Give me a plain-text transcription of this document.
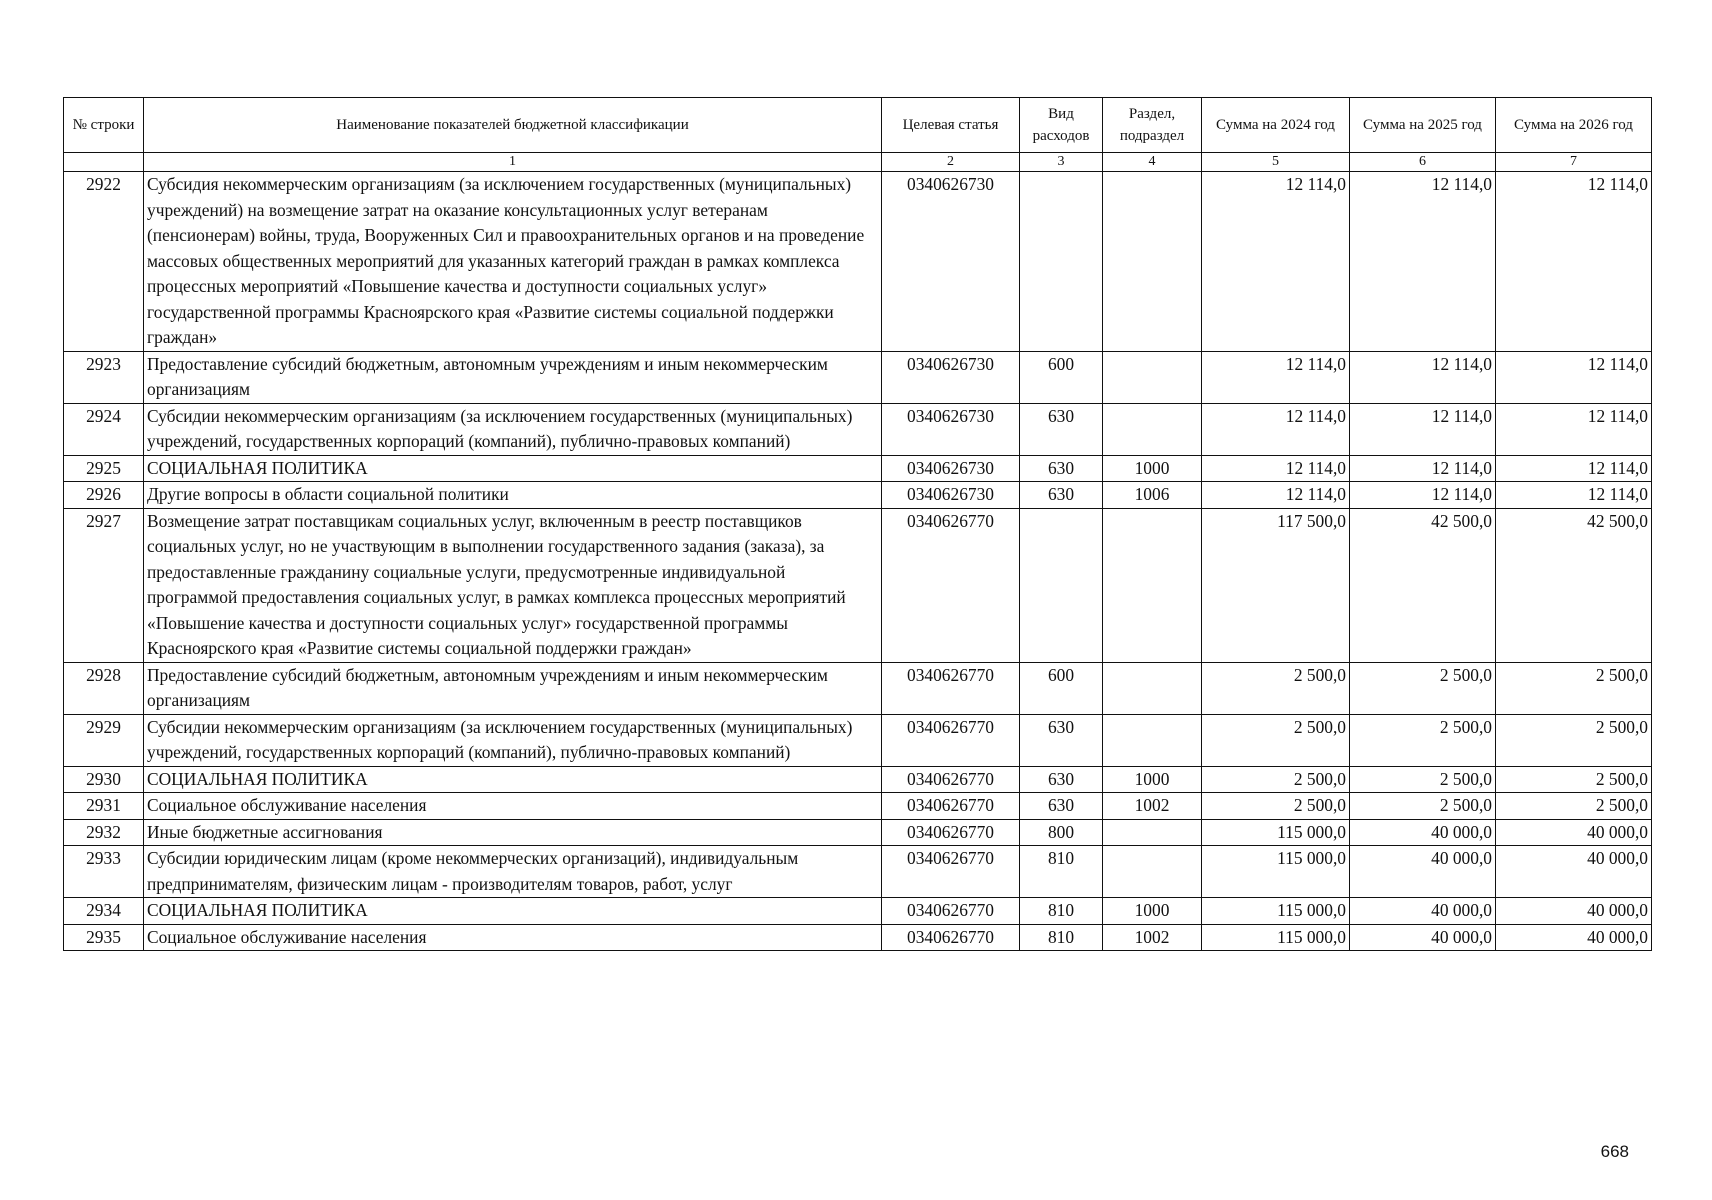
№ строки	Наименование показателей бюджетной классификации	Целевая статья	Вид расходов	Раздел, подраздел	Сумма на 2024 год	Сумма на 2025 год	Сумма на 2026 год
	1	2	3	4	5	6	7
2922	Субсидия некоммерческим организациям (за исключением государственных (муниципальных) учреждений) на возмещение затрат на оказание консультационных услуг ветеранам (пенсионерам) войны, труда, Вооруженных Сил и правоохранительных органов и на проведение массовых общественных мероприятий для указанных категорий граждан в рамках комплекса процессных мероприятий «Повышение качества и доступности социальных услуг» государственной программы Красноярского края «Развитие системы социальной поддержки граждан»	0340626730			12 114,0	12 114,0	12 114,0
2923	Предоставление субсидий бюджетным, автономным учреждениям и иным некоммерческим организациям	0340626730	600		12 114,0	12 114,0	12 114,0
2924	Субсидии некоммерческим организациям (за исключением государственных (муниципальных) учреждений, государственных корпораций (компаний), публично-правовых компаний)	0340626730	630		12 114,0	12 114,0	12 114,0
2925	СОЦИАЛЬНАЯ ПОЛИТИКА	0340626730	630	1000	12 114,0	12 114,0	12 114,0
2926	Другие вопросы в области социальной политики	0340626730	630	1006	12 114,0	12 114,0	12 114,0
2927	Возмещение затрат поставщикам социальных услуг, включенным в реестр поставщиков социальных услуг, но не участвующим в выполнении государственного задания (заказа), за предоставленные гражданину социальные услуги, предусмотренные индивидуальной программой предоставления социальных услуг, в рамках комплекса процессных мероприятий «Повышение качества и доступности социальных услуг» государственной программы Красноярского края «Развитие системы социальной поддержки граждан»	0340626770			117 500,0	42 500,0	42 500,0
2928	Предоставление субсидий бюджетным, автономным учреждениям и иным некоммерческим организациям	0340626770	600		2 500,0	2 500,0	2 500,0
2929	Субсидии некоммерческим организациям (за исключением государственных (муниципальных) учреждений, государственных корпораций (компаний), публично-правовых компаний)	0340626770	630		2 500,0	2 500,0	2 500,0
2930	СОЦИАЛЬНАЯ ПОЛИТИКА	0340626770	630	1000	2 500,0	2 500,0	2 500,0
2931	Социальное обслуживание населения	0340626770	630	1002	2 500,0	2 500,0	2 500,0
2932	Иные бюджетные ассигнования	0340626770	800		115 000,0	40 000,0	40 000,0
2933	Субсидии юридическим лицам (кроме некоммерческих организаций), индивидуальным предпринимателям, физическим лицам - производителям товаров, работ, услуг	0340626770	810		115 000,0	40 000,0	40 000,0
2934	СОЦИАЛЬНАЯ ПОЛИТИКА	0340626770	810	1000	115 000,0	40 000,0	40 000,0
2935	Социальное обслуживание населения	0340626770	810	1002	115 000,0	40 000,0	40 000,0
668
